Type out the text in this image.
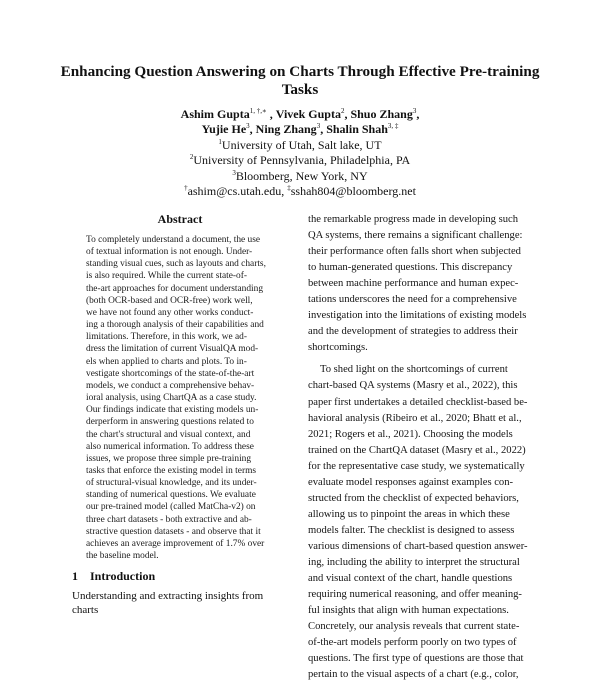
Enhancing Question Answering on Charts Through Effective Pre-training
Tasks
Ashim Gupta$^{1, \dagger,∗}$ , Vivek Gupta$^2$, Shuo Zhang$^3$,
Yujie He$^3$, Ning Zhang$^3$, Shalin Shah$^{3, \ddagger}$
$^1$University of Utah, Salt lake, UT
$^2$University of Pennsylvania, Philadelphia, PA
$^3$Bloomberg, New York, NY
†ashim@cs.utah.edu, ‡sshah804@bloomberg.net
Abstract
To completely understand a document, the use
of textual information is not enough. Under-
standing visual cues, such as layouts and charts,
is also required. While the current state-of-
the-art approaches for document understanding
(both OCR-based and OCR-free) work well,
we have not found any other works conduct-
ing a thorough analysis of their capabilities and
limitations. Therefore, in this work, we ad-
dress the limitation of current VisualQA mod-
els when applied to charts and plots. To in-
vestigate shortcomings of the state-of-the-art
models, we conduct a comprehensive behav-
ioral analysis, using ChartQA as a case study.
Our findings indicate that existing models un-
derperform in answering questions related to
the chart's structural and visual context, and
also numerical information. To address these
issues, we propose three simple pre-training
tasks that enforce the existing model in terms
of structural-visual knowledge, and its under-
standing of numerical questions. We evaluate
our pre-trained model (called MatCha-v2) on
three chart datasets - both extractive and ab-
stractive question datasets - and observe that it
achieves an average improvement of 1.7% over
the baseline model.
1 Introduction
Understanding and extracting insights from charts
the remarkable progress made in developing such
QA systems, there remains a significant challenge:
their performance often falls short when subjected
to human-generated questions. This discrepancy
between machine performance and human expec-
tations underscores the need for a comprehensive
investigation into the limitations of existing models
and the development of strategies to address their
shortcomings.
To shed light on the shortcomings of current
chart-based QA systems (Masry et al., 2022), this
paper first undertakes a detailed checklist-based be-
havioral analysis (Ribeiro et al., 2020; Bhatt et al.,
2021; Rogers et al., 2021). Choosing the models
trained on the ChartQA dataset (Masry et al., 2022)
for the representative case study, we systematically
evaluate model responses against examples con-
structed from the checklist of expected behaviors,
allowing us to pinpoint the areas in which these
models falter. The checklist is designed to assess
various dimensions of chart-based question answer-
ing, including the ability to interpret the structural
and visual context of the chart, handle questions
requiring numerical reasoning, and offer meaning-
ful insights that align with human expectations.
Concretely, our analysis reveals that current state-
of-the-art models perform poorly on two types of
questions. The first type of questions are those that
pertain to the visual aspects of a chart (e.g., color,
